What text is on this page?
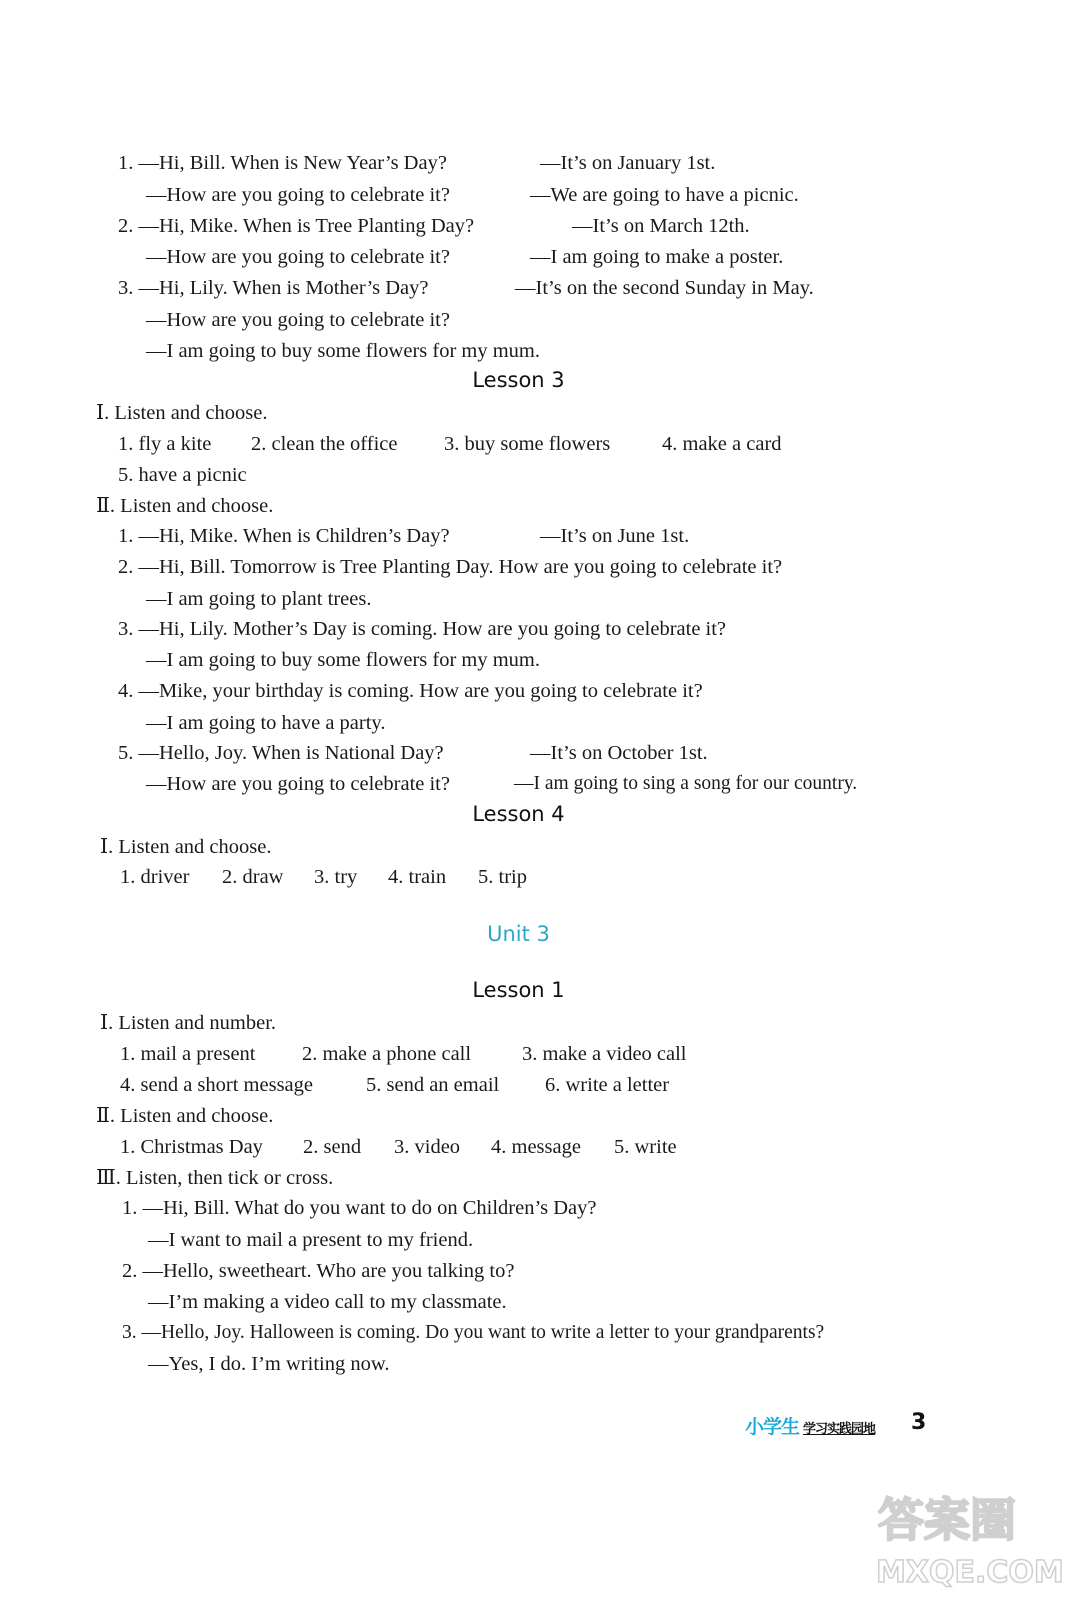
1. —Hi, Bill. When is New Year’s Day?	—It’s on January 1st.
—How are you going to celebrate it?	—We are going to have a picnic.
2. —Hi, Mike. When is Tree Planting Day?	—It’s on March 12th.
—How are you going to celebrate it?	—I am going to make a poster.
3. —Hi, Lily. When is Mother’s Day?	—It’s on the second Sunday in May.
—How are you going to celebrate it?
—I am going to buy some flowers for my mum.
Lesson 3
Ⅰ. Listen and choose.
1. fly a kite 2. clean the office 3. buy some flowers	4. make a card
5. have a picnic
Ⅱ. Listen and choose.
1. —Hi, Mike. When is Children’s Day?	—It’s on June 1st.
2. —Hi, Bill. Tomorrow is Tree Planting Day. How are you going to celebrate it?
—I am going to plant trees.
3. —Hi, Lily. Mother’s Day is coming. How are you going to celebrate it?
—I am going to buy some flowers for my mum.
4. —Mike, your birthday is coming. How are you going to celebrate it?
—I am going to have a party.
5. —Hello, Joy. When is National Day?	—It’s on October 1st.
—How are you going to celebrate it?	—I am going to sing a song for our country.
Lesson 4
Ⅰ. Listen and choose.
1. driver 2. draw 3. try 4. train 5. trip
Unit 3
Lesson 1
Ⅰ. Listen and number.
1. mail a present 2. make a phone call 3. make a video call
4. send a short message	5. send an email 6. write a letter
Ⅱ. Listen and choose.
1. Christmas Day 2. send 3. video 4. message 5. write
Ⅲ. Listen, then tick or cross.
1. —Hi, Bill. What do you want to do on Children’s Day?
—I want to mail a present to my friend.
2. —Hello, sweetheart. Who are you talking to?
—I’m making a video call to my classmate.
3. —Hello, Joy. Halloween is coming. Do you want to write a letter to your grandparents?
—Yes, I do. I’m writing now.
小学生 学习实践园地 3
答案圈
MXQE.COM
